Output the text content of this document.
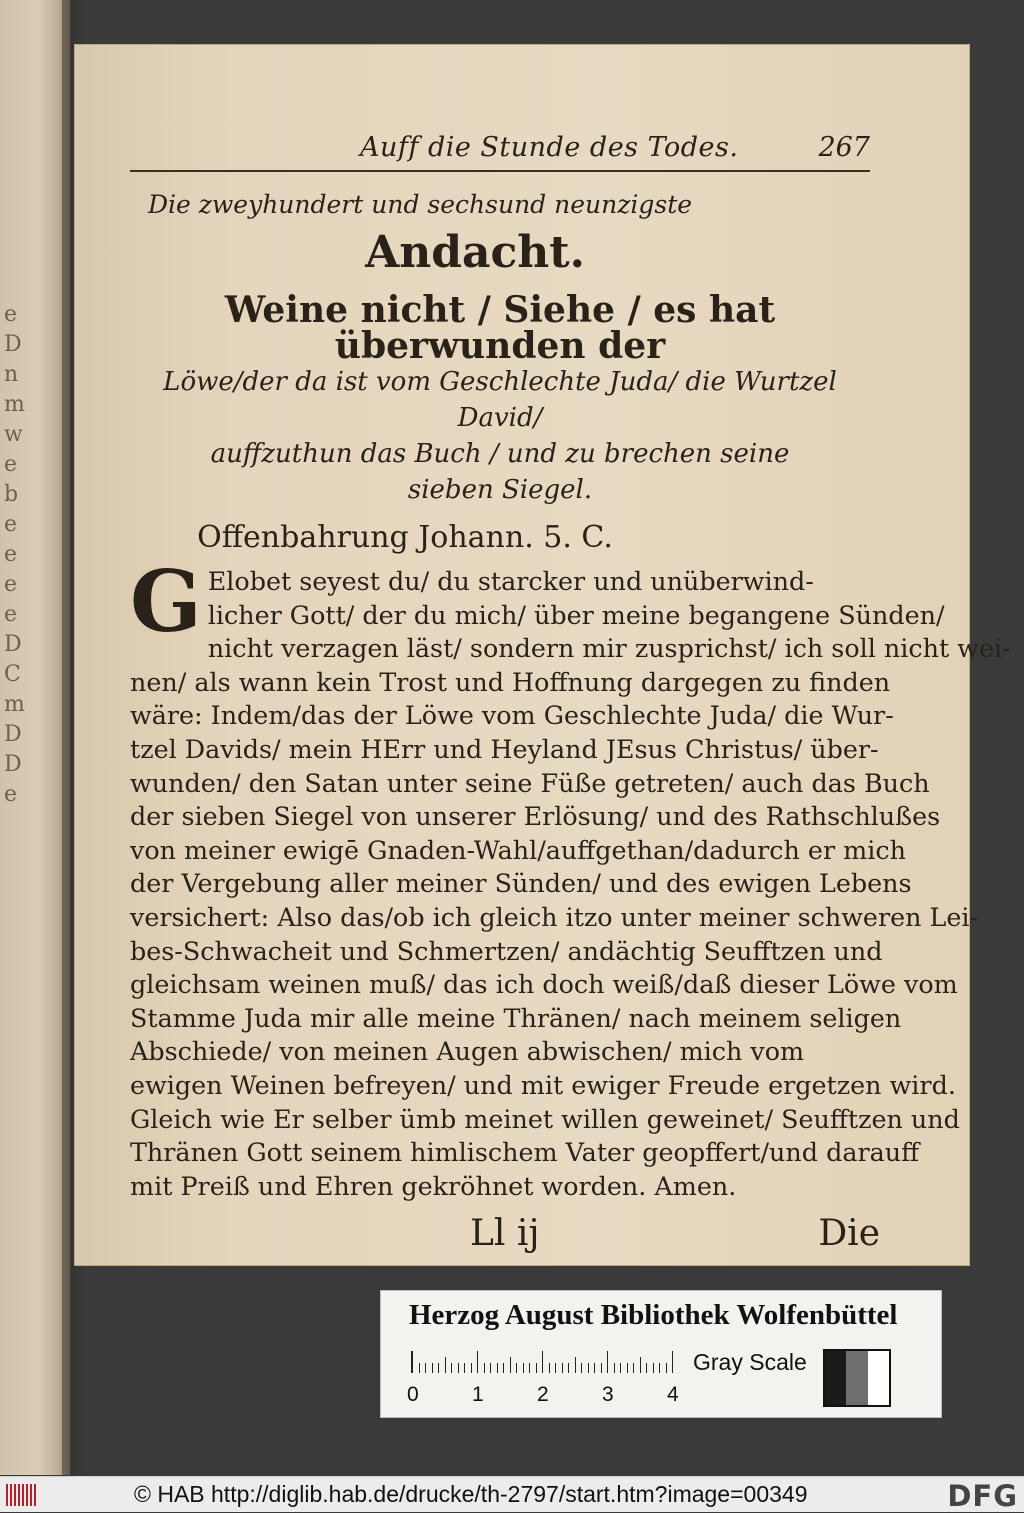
e
D
n
m
w
e
b
e
e
e
e
D
C
m
D
D
e
Auff die Stunde des Todes.	267
Die zweyhundert und sechsund neunzigste
Andacht.
Weine nicht / Siehe / es hat überwunden der
Löwe/der da ist vom Geschlechte Juda/ die Wurtzel David/
auffzuthun das Buch / und zu brechen seine
sieben Siegel.
Offenbahrung Johann. 5. C.
G Elobet seyest du/ du starcker und unüberwind-
licher Gott/ der du mich/ über meine begangene Sünden/
nicht verzagen läst/ sondern mir zusprichst/ ich soll nicht wei-
nen/ als wann kein Trost und Hoffnung dargegen zu finden
wäre: Indem/das der Löwe vom Geschlechte Juda/ die Wur-
tzel Davids/ mein HErr und Heyland JEsus Christus/ über-
wunden/ den Satan unter seine Füße getreten/ auch das Buch
der sieben Siegel von unserer Erlösung/ und des Rathschlußes
von meiner ewigē Gnaden-Wahl/auffgethan/dadurch er mich
der Vergebung aller meiner Sünden/ und des ewigen Lebens
versichert: Also das/ob ich gleich itzo unter meiner schweren Lei-
bes-Schwacheit und Schmertzen/ andächtig Seufftzen und
gleichsam weinen muß/ das ich doch weiß/daß dieser Löwe vom
Stamme Juda mir alle meine Thränen/ nach meinem seligen
Abschiede/ von meinen Augen abwischen/ mich vom
ewigen Weinen befreyen/ und mit ewiger Freude ergetzen wird.
Gleich wie Er selber ümb meinet willen geweinet/ Seufftzen und
Thränen Gott seinem himlischem Vater geopffert/und darauff
mit Preiß und Ehren gekröhnet worden. Amen.
Ll ij	Die
Herzog August Bibliothek Wolfenbüttel
0	1	2	3	4
Gray Scale
© HAB http://diglib.hab.de/drucke/th-2797/start.htm?image=00349	DFG
